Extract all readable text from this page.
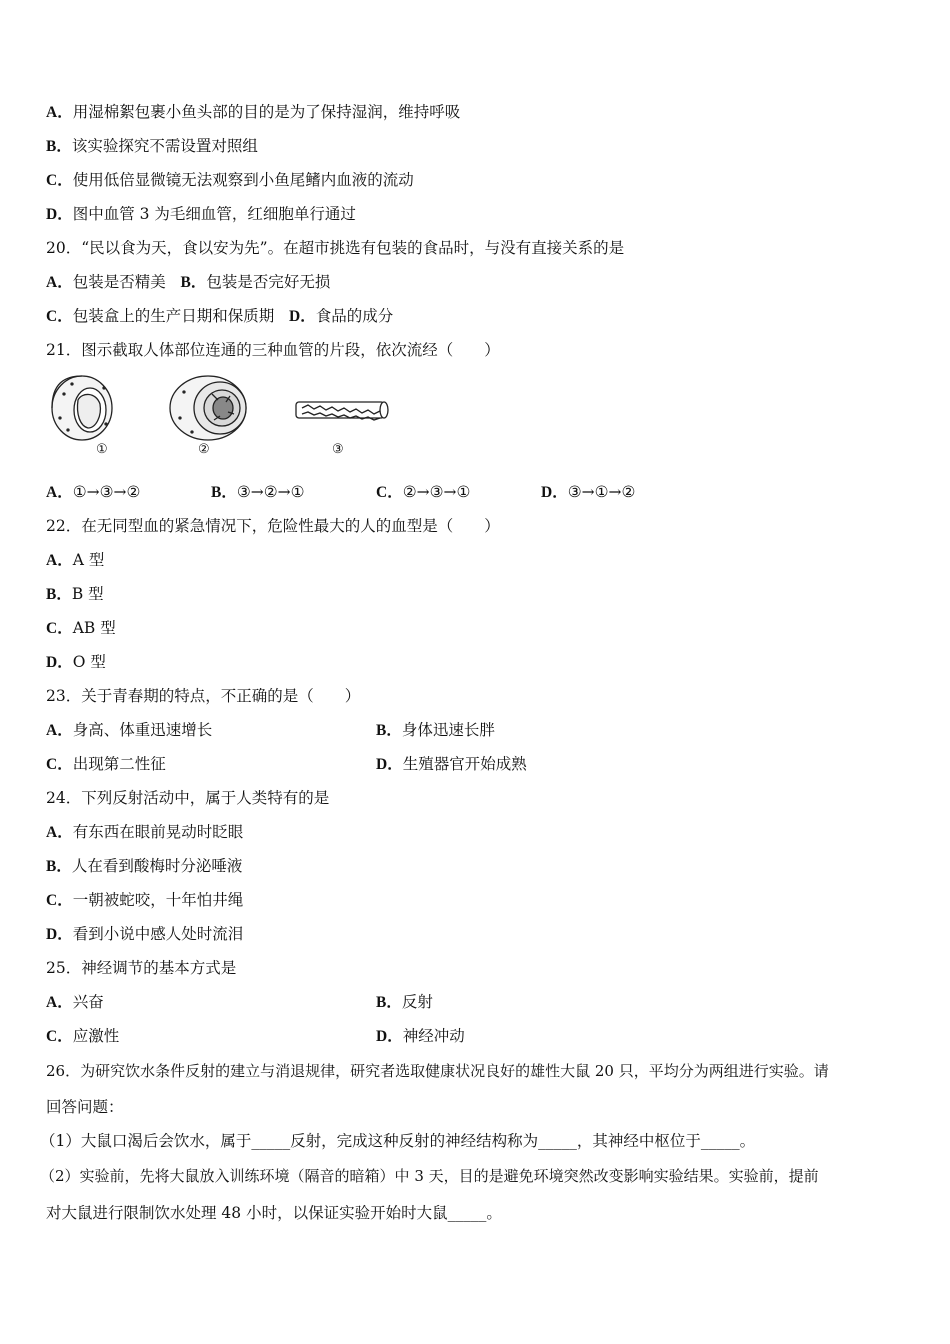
A．用湿棉絮包裹小鱼头部的目的是为了保持湿润，维持呼吸
B．该实验探究不需设置对照组
C．使用低倍显微镜无法观察到小鱼尾鳍内血液的流动
D．图中血管 3 为毛细血管，红细胞单行通过
20．“民以食为天，食以安为先”。在超市挑选有包装的食品时，与没有直接关系的是
A．包装是否精美 B．包装是否完好无损
C．包装盒上的生产日期和保质期 D．食品的成分
21．图示截取人体部位连通的三种血管的片段，依次流经（　　）
①	②	③
A．①→③→②	B．③→②→①	C．②→③→①	D．③→①→②
22．在无同型血的紧急情况下，危险性最大的人的血型是（　　）
A．A 型
B．B 型
C．AB 型
D．O 型
23．关于青春期的特点，不正确的是（　　）
A．身高、体重迅速增长	B．身体迅速长胖
C．出现第二性征	D．生殖器官开始成熟
24．下列反射活动中，属于人类特有的是
A．有东西在眼前晃动时眨眼
B．人在看到酸梅时分泌唾液
C．一朝被蛇咬，十年怕井绳
D．看到小说中感人处时流泪
25．神经调节的基本方式是
A．兴奋	B．反射
C．应激性	D．神经冲动
26．为研究饮水条件反射的建立与消退规律，研究者选取健康状况良好的雄性大鼠 20 只，平均分为两组进行实验。请
回答问题：
（1）大鼠口渴后会饮水，属于_____反射，完成这种反射的神经结构称为_____，其神经中枢位于_____。
（2）实验前，先将大鼠放入训练环境（隔音的暗箱）中 3 天，目的是避免环境突然改变影响实验结果。实验前，提前
对大鼠进行限制饮水处理 48 小时，以保证实验开始时大鼠_____。
